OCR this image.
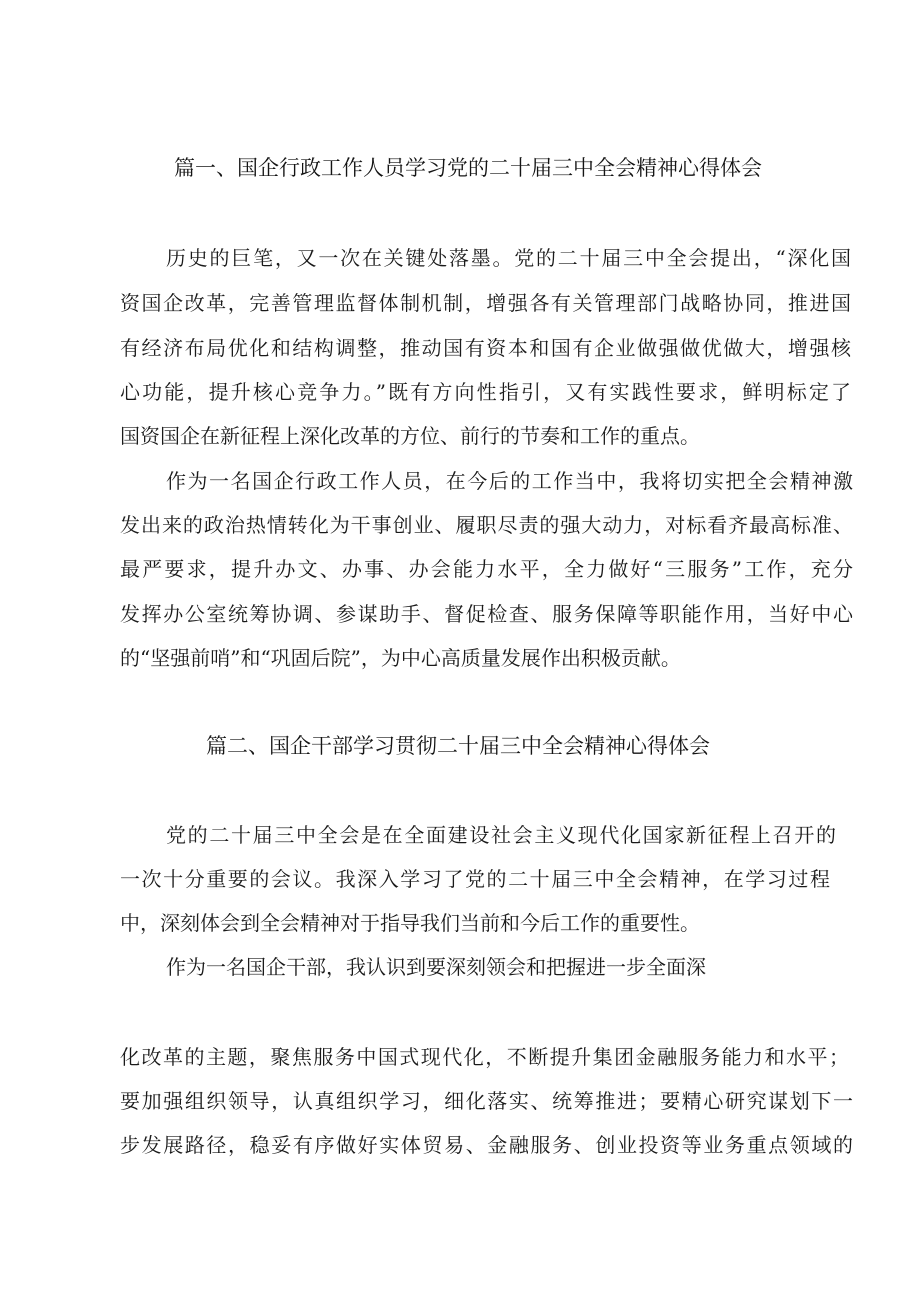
篇一、国企行政工作人员学习党的二十届三中全会精神心得体会

历史的巨笔，又一次在关键处落墨。党的二十届三中全会提出，“深化国

资国企改革，完善管理监督体制机制，增强各有关管理部门战略协同，推进国

有经济布局优化和结构调整，推动国有资本和国有企业做强做优做大，增强核

心功能，提升核心竞争力。”既有方向性指引，又有实践性要求，鲜明标定了

国资国企在新征程上深化改革的方位、前行的节奏和工作的重点。

作为一名国企行政工作人员，在今后的工作当中，我将切实把全会精神激

发出来的政治热情转化为干事创业、履职尽责的强大动力，对标看齐最高标准、

最严要求，提升办文、办事、办会能力水平，全力做好“三服务”工作，充分

发挥办公室统筹协调、参谋助手、督促检查、服务保障等职能作用，当好中心

的“坚强前哨”和“巩固后院”，为中心高质量发展作出积极贡献。

篇二、国企干部学习贯彻二十届三中全会精神心得体会

党的二十届三中全会是在全面建设社会主义现代化国家新征程上召开的

一次十分重要的会议。我深入学习了党的二十届三中全会精神，在学习过程

中，深刻体会到全会精神对于指导我们当前和今后工作的重要性。

作为一名国企干部，我认识到要深刻领会和把握进一步全面深

化改革的主题，聚焦服务中国式现代化，不断提升集团金融服务能力和水平；

要加强组织领导，认真组织学习，细化落实、统筹推进；要精心研究谋划下一

步发展路径，稳妥有序做好实体贸易、金融服务、创业投资等业务重点领域的
